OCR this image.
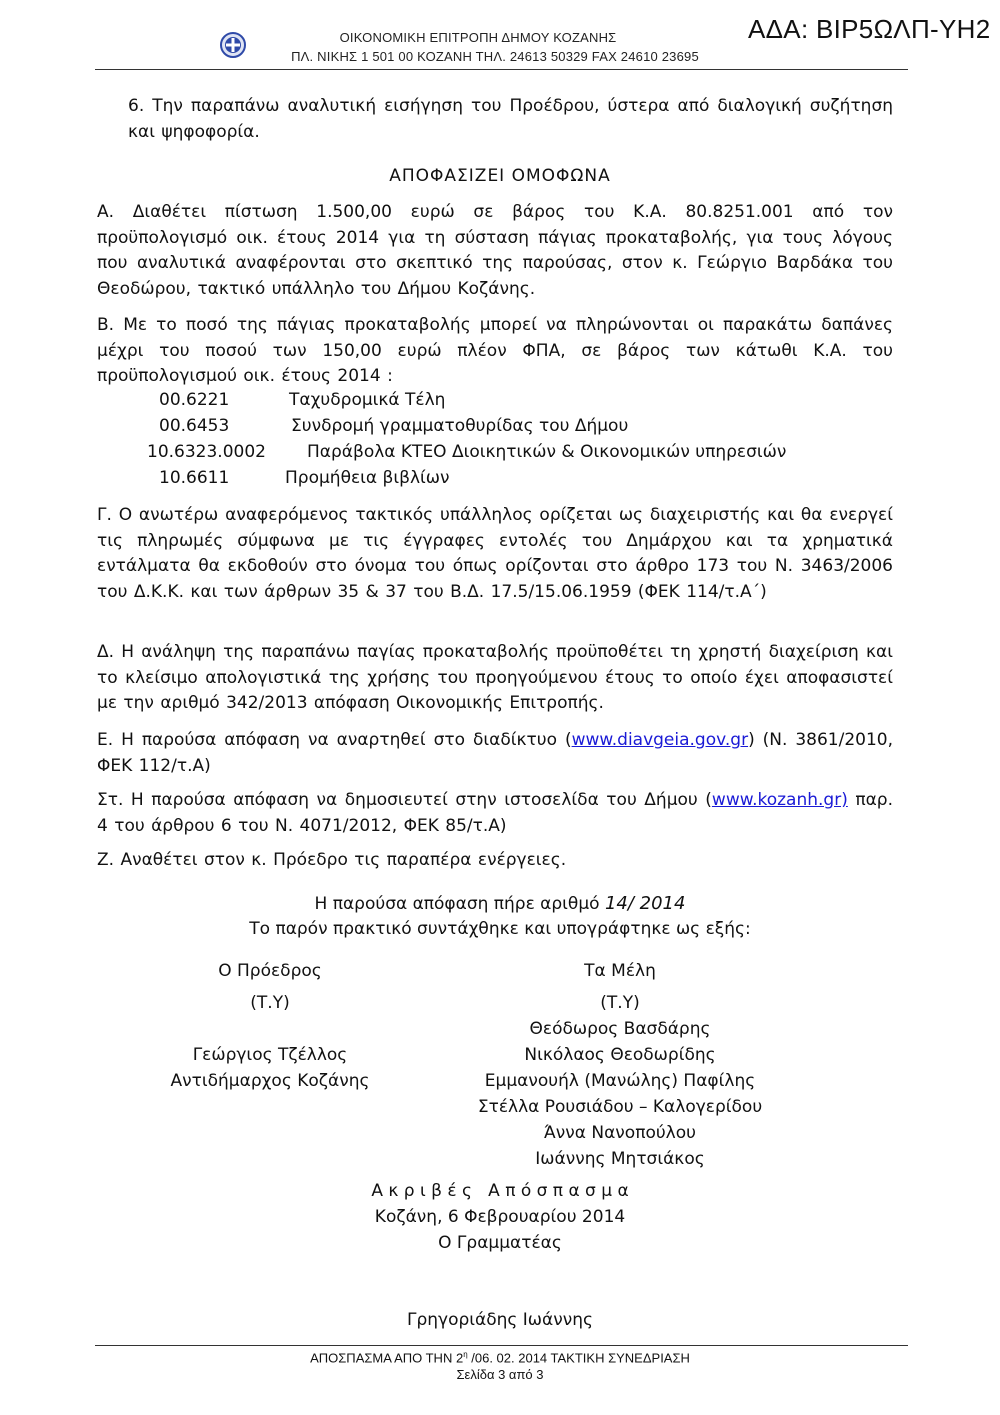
ΟΙΚΟΝΟΜΙΚΗ ΕΠΙΤΡΟΠΗ ΔΗΜΟΥ ΚΟΖΑΝΗΣ
ΠΛ. ΝΙΚΗΣ 1 501 00 ΚΟΖΑΝΗ ΤΗΛ. 24613 50329 FAX 24610 23695
ΑΔΑ: ΒΙΡ5ΩΛΠ-ΥΗ2
6. Την παραπάνω αναλυτική εισήγηση του Προέδρου, ύστερα από διαλογική συζήτηση και ψηφοφορία.
ΑΠΟΦΑΣΙΖΕΙ ΟΜΟΦΩΝΑ
Α. Διαθέτει πίστωση 1.500,00 ευρώ σε βάρος του Κ.Α. 80.8251.001 από τον προϋπολογισμό οικ. έτους 2014 για τη σύσταση πάγιας προκαταβολής, για τους λόγους που αναλυτικά αναφέρονται στο σκεπτικό της παρούσας, στον κ. Γεώργιο Βαρδάκα του Θεοδώρου, τακτικό υπάλληλο του Δήμου Κοζάνης.
Β. Με το ποσό της πάγιας προκαταβολής μπορεί να πληρώνονται οι παρακάτω δαπάνες μέχρι του ποσού των 150,00 ευρώ πλέον ΦΠΑ, σε βάρος των κάτωθι Κ.Α. του προϋπολογισμού οικ. έτους 2014 :
00.6221	Ταχυδρομικά Τέλη
00.6453	Συνδρομή γραμματοθυρίδας του Δήμου
10.6323.0002 Παράβολα ΚΤΕΟ Διοικητικών & Οικονομικών υπηρεσιών
10.6611	Προμήθεια βιβλίων
Γ. Ο ανωτέρω αναφερόμενος τακτικός υπάλληλος ορίζεται ως διαχειριστής και θα ενεργεί τις πληρωμές σύμφωνα με τις έγγραφες εντολές του Δημάρχου και τα χρηματικά εντάλματα θα εκδοθούν στο όνομα του όπως ορίζονται στο άρθρο 173 του Ν. 3463/2006 του Δ.Κ.Κ. και των άρθρων 35 & 37 του Β.Δ. 17.5/15.06.1959 (ΦΕΚ 114/τ.Α΄)
Δ. Η ανάληψη της παραπάνω παγίας προκαταβολής προϋποθέτει τη χρηστή διαχείριση και το κλείσιμο απολογιστικά της χρήσης του προηγούμενου έτους το οποίο έχει αποφασιστεί με την αριθμό 342/2013 απόφαση Οικονομικής Επιτροπής.
Ε. Η παρούσα απόφαση να αναρτηθεί στο διαδίκτυο (www.diavgeia.gov.gr) (Ν. 3861/2010, ΦΕΚ 112/τ.Α)
Στ. Η παρούσα απόφαση να δημοσιευτεί στην ιστοσελίδα του Δήμου (www.kozanh.gr) παρ. 4 του άρθρου 6 του Ν. 4071/2012, ΦΕΚ 85/τ.Α)
Ζ. Αναθέτει στον κ. Πρόεδρο τις παραπέρα ενέργειες.
Η παρούσα απόφαση πήρε αριθμό 14/ 2014
Το παρόν πρακτικό συντάχθηκε και υπογράφτηκε ως εξής:
Ο Πρόεδρος
(Τ.Υ)
Γεώργιος Τζέλλος
Αντιδήμαρχος Κοζάνης
Τα Μέλη
(Τ.Υ)
Θεόδωρος Βασδάρης
Νικόλαος Θεοδωρίδης
Εμμανουήλ (Μανώλης) Παφίλης
Στέλλα Ρουσιάδου – Καλογερίδου
Άννα Νανοπούλου
Ιωάννης Μητσιάκος
Α κ ρ ι β έ ς   Α π ό σ π α σ μ α
Κοζάνη, 6 Φεβρουαρίου 2014
Ο Γραμματέας
Γρηγοριάδης Ιωάννης
ΑΠΟΣΠΑΣΜΑ ΑΠΟ ΤΗΝ $2^\eta$ /06. 02. 2014 ΤΑΚΤΙΚΗ ΣΥΝΕΔΡΙΑΣΗ
Σελίδα 3 από 3
